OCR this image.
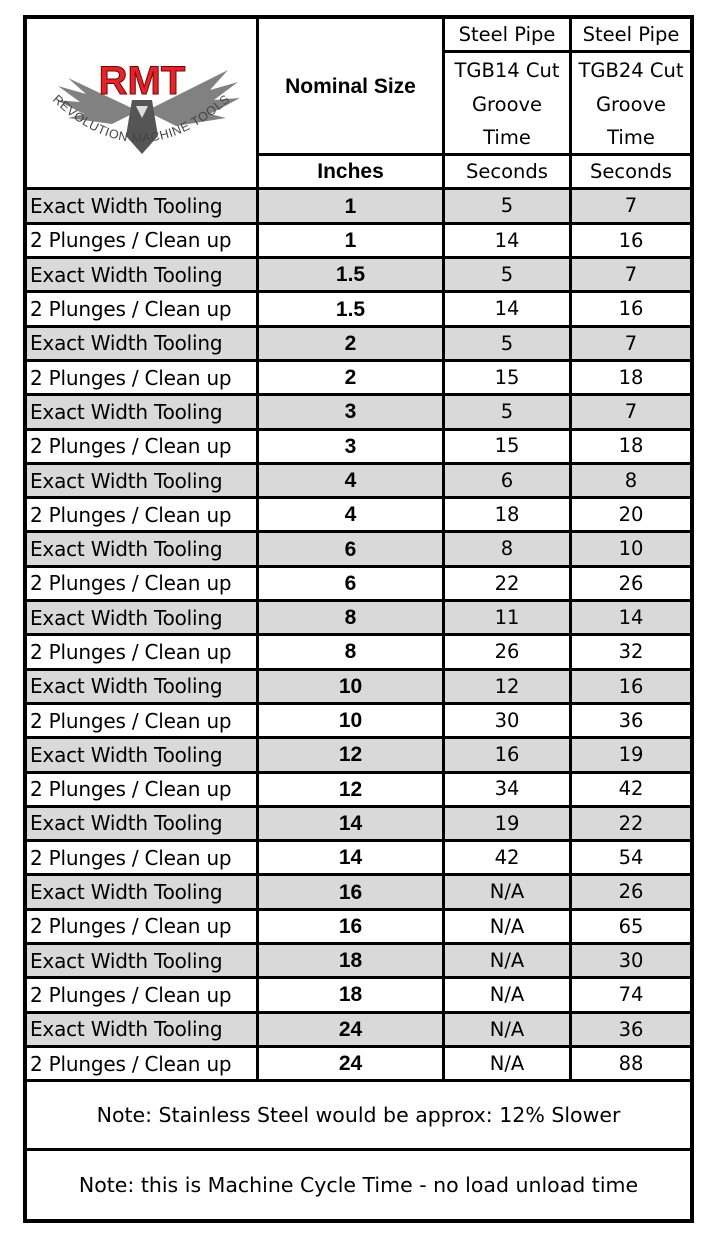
RMT
REVOLUTION MACHINE TOOLS	Nominal Size	Steel Pipe	Steel Pipe
		TGB14 Cut	TGB24 Cut
		Groove	Groove
		Time	Time
	Inches	Seconds	Seconds
Exact Width Tooling	1	5	7
2 Plunges / Clean up	1	14	16
Exact Width Tooling	1.5	5	7
2 Plunges / Clean up	1.5	14	16
Exact Width Tooling	2	5	7
2 Plunges / Clean up	2	15	18
Exact Width Tooling	3	5	7
2 Plunges / Clean up	3	15	18
Exact Width Tooling	4	6	8
2 Plunges / Clean up	4	18	20
Exact Width Tooling	6	8	10
2 Plunges / Clean up	6	22	26
Exact Width Tooling	8	11	14
2 Plunges / Clean up	8	26	32
Exact Width Tooling	10	12	16
2 Plunges / Clean up	10	30	36
Exact Width Tooling	12	16	19
2 Plunges / Clean up	12	34	42
Exact Width Tooling	14	19	22
2 Plunges / Clean up	14	42	54
Exact Width Tooling	16	N/A	26
2 Plunges / Clean up	16	N/A	65
Exact Width Tooling	18	N/A	30
2 Plunges / Clean up	18	N/A	74
Exact Width Tooling	24	N/A	36
2 Plunges / Clean up	24	N/A	88
Note: Stainless Steel would be approx: 12% Slower			
Note: this is Machine Cycle Time - no load unload time			
